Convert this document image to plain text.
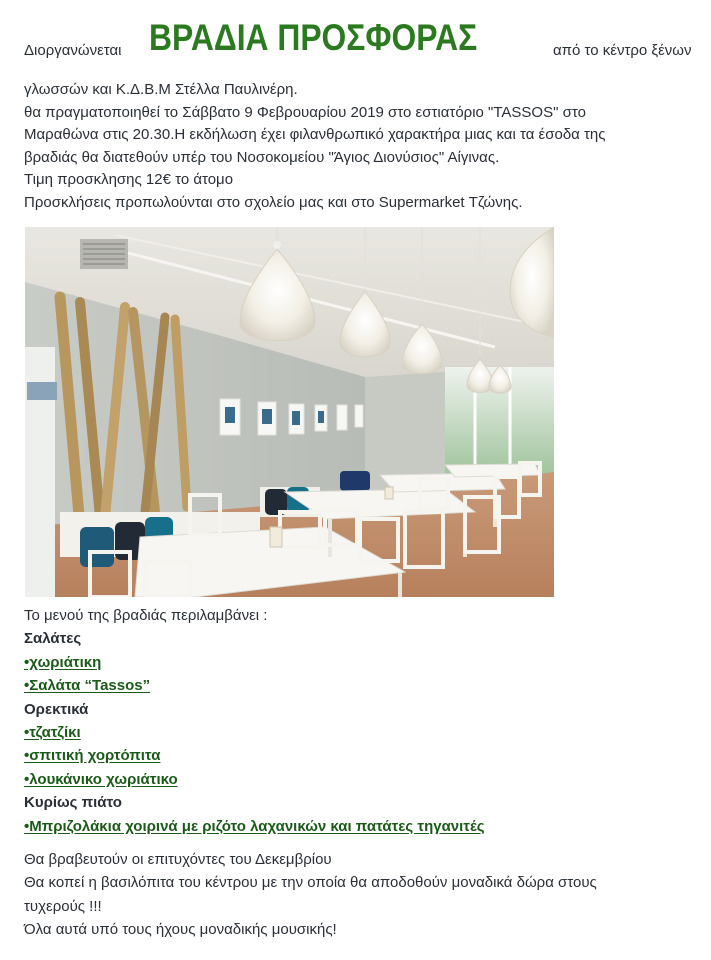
Διοργανώνεται ΒΡΑΔΙΑ ΠΡΟΣΦΟΡΑΣ	από το κέντρο ξένων
γλωσσών και Κ.Δ.Β.Μ Στέλλα Παυλινέρη.
θα πραγματοποιηθεί το Σάββατο 9 Φεβρουαρίου 2019 στο εστιατόριο "TASSOS" στο
Μαραθώνα στις 20.30.Η εκδήλωση έχει φιλανθρωπικό χαρακτήρα μιας και τα έσοδα της
βραδιάς θα διατεθούν υπέρ του Νοσοκομείου "Άγιος Διονύσιος" Αίγινας.
Τιμη προσκλησης 12€ το άτομο
Προσκλήσεις προπωλούνται στο σχολείο μας και στο Supermarket Τζώνης.
Το μενού της βραδιάς περιλαμβάνει :
Σαλάτες
•χωριάτικη
•Σαλάτα “Tassos”
Ορεκτικά
•τζατζίκι
•σπιτική χορτόπιτα
•λουκάνικο χωριάτικο
Κυρίως πιάτο
•Μπριζολάκια χοιρινά με ριζότο λαχανικών και πατάτες τηγανιτές
Θα βραβευτούν οι επιτυχόντες του Δεκεμβρίου
Θα κοπεί η βασιλόπιτα του κέντρου με την οποία θα αποδοθούν μοναδικά δώρα στους
τυχερούς !!!
Όλα αυτά υπό τους ήχους μοναδικής μουσικής!
